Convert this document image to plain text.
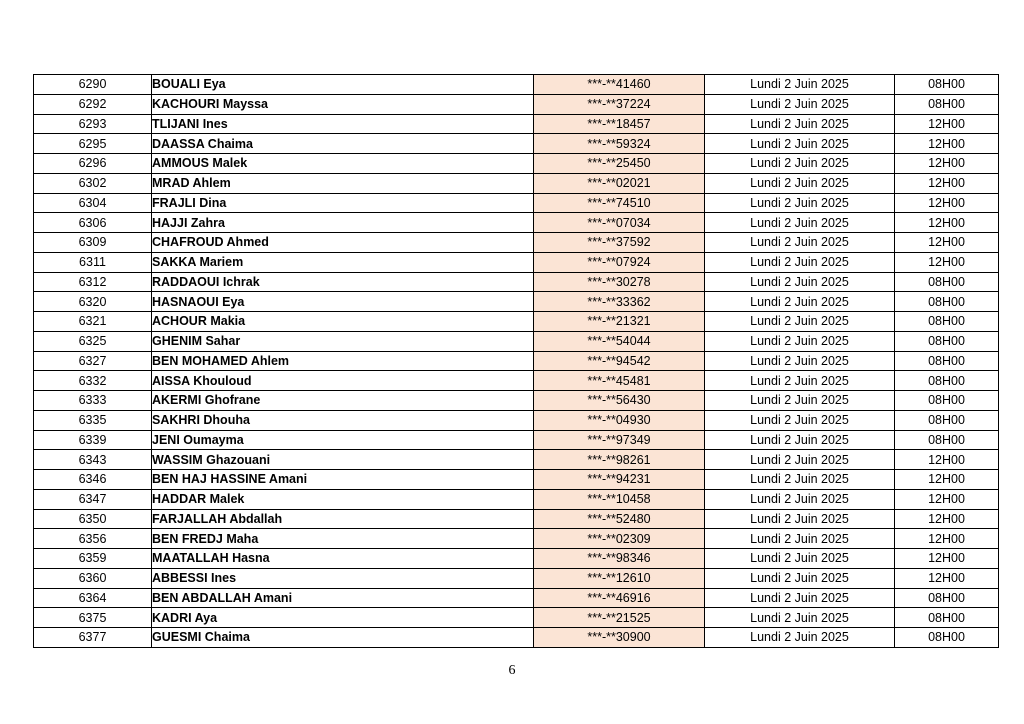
6290	BOUALI Eya	***-**41460	Lundi 2 Juin 2025	08H00
6292	KACHOURI Mayssa	***-**37224	Lundi 2 Juin 2025	08H00
6293	TLIJANI Ines	***-**18457	Lundi 2 Juin 2025	12H00
6295	DAASSA Chaima	***-**59324	Lundi 2 Juin 2025	12H00
6296	AMMOUS Malek	***-**25450	Lundi 2 Juin 2025	12H00
6302	MRAD Ahlem	***-**02021	Lundi 2 Juin 2025	12H00
6304	FRAJLI Dina	***-**74510	Lundi 2 Juin 2025	12H00
6306	HAJJI Zahra	***-**07034	Lundi 2 Juin 2025	12H00
6309	CHAFROUD Ahmed	***-**37592	Lundi 2 Juin 2025	12H00
6311	SAKKA Mariem	***-**07924	Lundi 2 Juin 2025	12H00
6312	RADDAOUI Ichrak	***-**30278	Lundi 2 Juin 2025	08H00
6320	HASNAOUI Eya	***-**33362	Lundi 2 Juin 2025	08H00
6321	ACHOUR Makia	***-**21321	Lundi 2 Juin 2025	08H00
6325	GHENIM Sahar	***-**54044	Lundi 2 Juin 2025	08H00
6327	BEN MOHAMED Ahlem	***-**94542	Lundi 2 Juin 2025	08H00
6332	AISSA Khouloud	***-**45481	Lundi 2 Juin 2025	08H00
6333	AKERMI Ghofrane	***-**56430	Lundi 2 Juin 2025	08H00
6335	SAKHRI Dhouha	***-**04930	Lundi 2 Juin 2025	08H00
6339	JENI Oumayma	***-**97349	Lundi 2 Juin 2025	08H00
6343	WASSIM Ghazouani	***-**98261	Lundi 2 Juin 2025	12H00
6346	BEN HAJ HASSINE Amani	***-**94231	Lundi 2 Juin 2025	12H00
6347	HADDAR Malek	***-**10458	Lundi 2 Juin 2025	12H00
6350	FARJALLAH Abdallah	***-**52480	Lundi 2 Juin 2025	12H00
6356	BEN FREDJ Maha	***-**02309	Lundi 2 Juin 2025	12H00
6359	MAATALLAH Hasna	***-**98346	Lundi 2 Juin 2025	12H00
6360	ABBESSI Ines	***-**12610	Lundi 2 Juin 2025	12H00
6364	BEN ABDALLAH Amani	***-**46916	Lundi 2 Juin 2025	08H00
6375	KADRI Aya	***-**21525	Lundi 2 Juin 2025	08H00
6377	GUESMI Chaima	***-**30900	Lundi 2 Juin 2025	08H00
6
